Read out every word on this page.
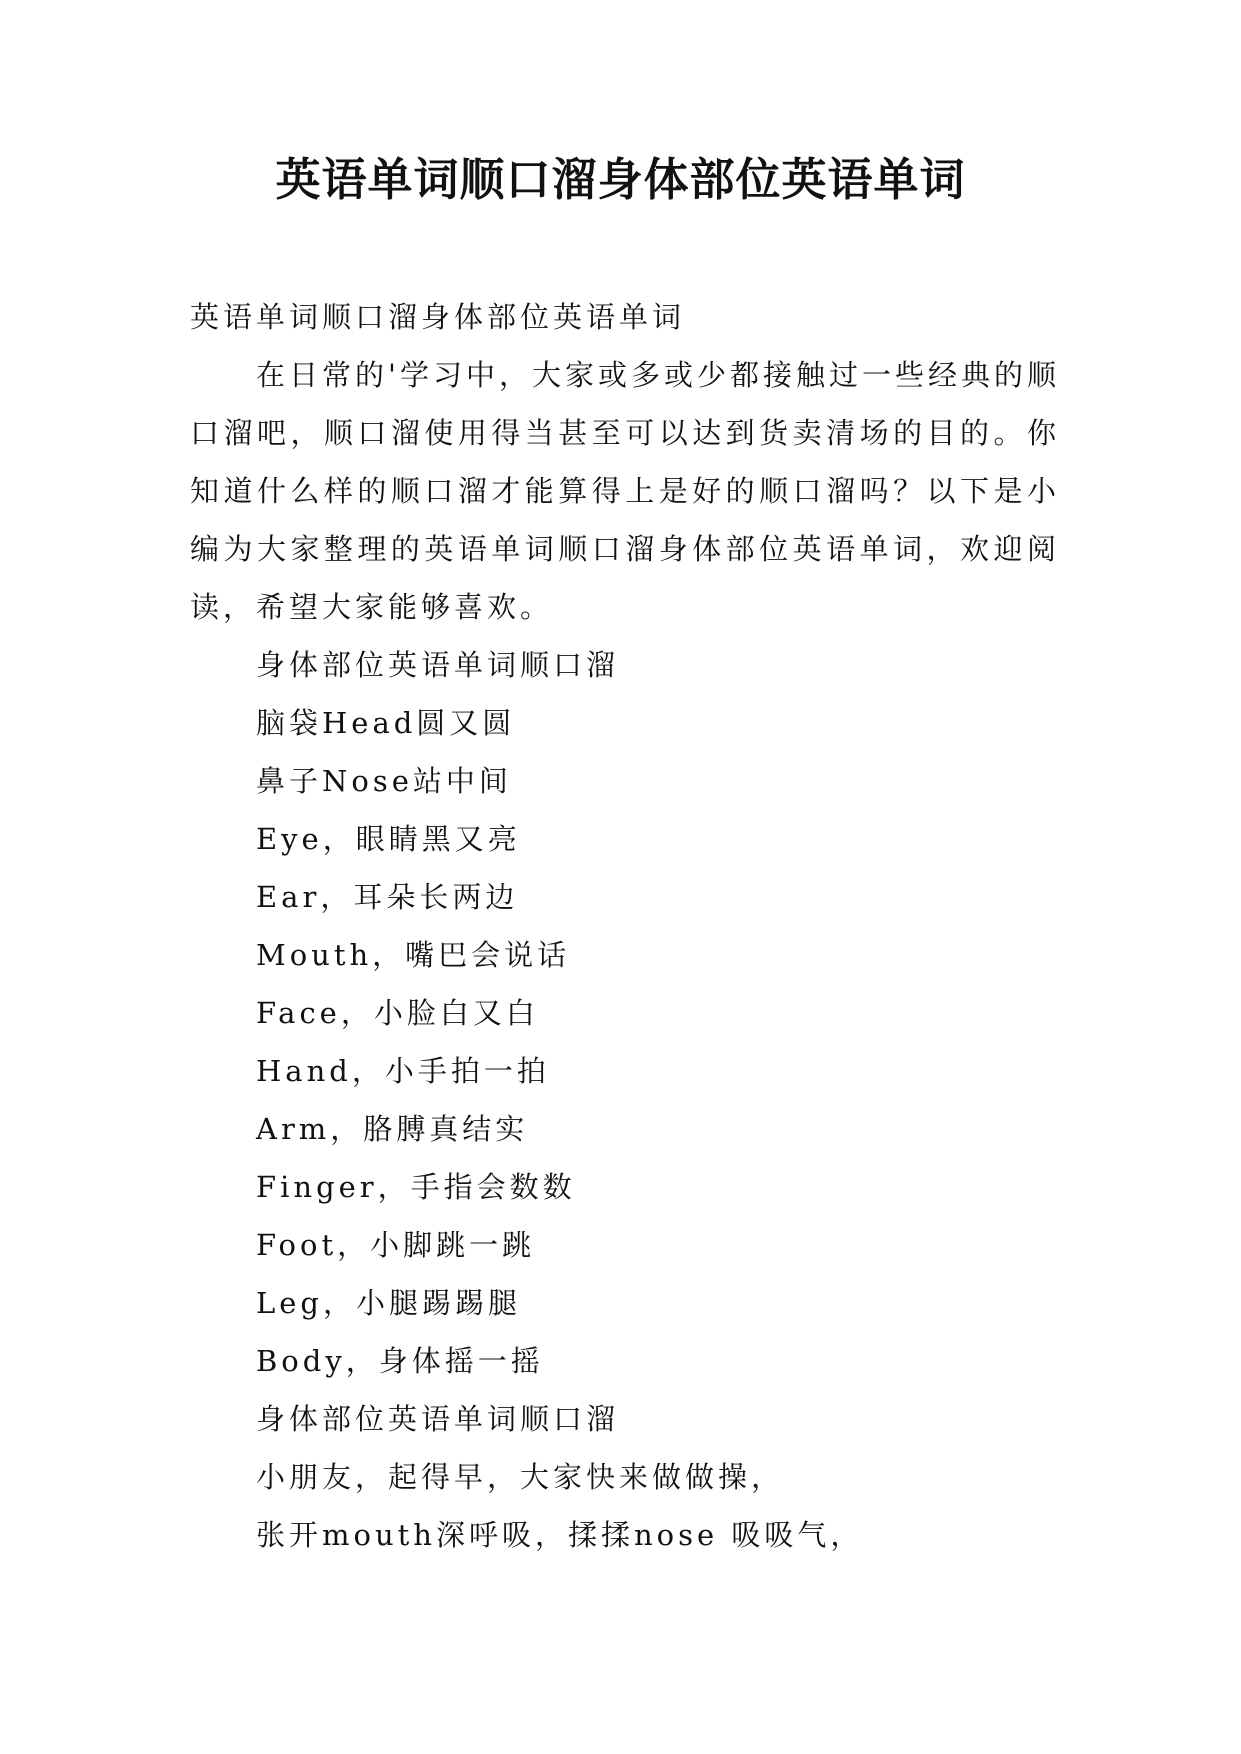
英语单词顺口溜身体部位英语单词

英语单词顺口溜身体部位英语单词

在日常的'学习中，大家或多或少都接触过一些经典的顺口溜吧，顺口溜使用得当甚至可以达到货卖清场的目的。你知道什么样的顺口溜才能算得上是好的顺口溜吗？以下是小编为大家整理的英语单词顺口溜身体部位英语单词，欢迎阅读，希望大家能够喜欢。

身体部位英语单词顺口溜

脑袋Head圆又圆

鼻子Nose站中间

Eye，眼睛黑又亮

Ear，耳朵长两边

Mouth，嘴巴会说话

Face，小脸白又白

Hand，小手拍一拍

Arm，胳膊真结实

Finger，手指会数数

Foot，小脚跳一跳

Leg，小腿踢踢腿

Body，身体摇一摇

身体部位英语单词顺口溜

小朋友，起得早，大家快来做做操，

张开mouth深呼吸，揉揉nose 吸吸气，
